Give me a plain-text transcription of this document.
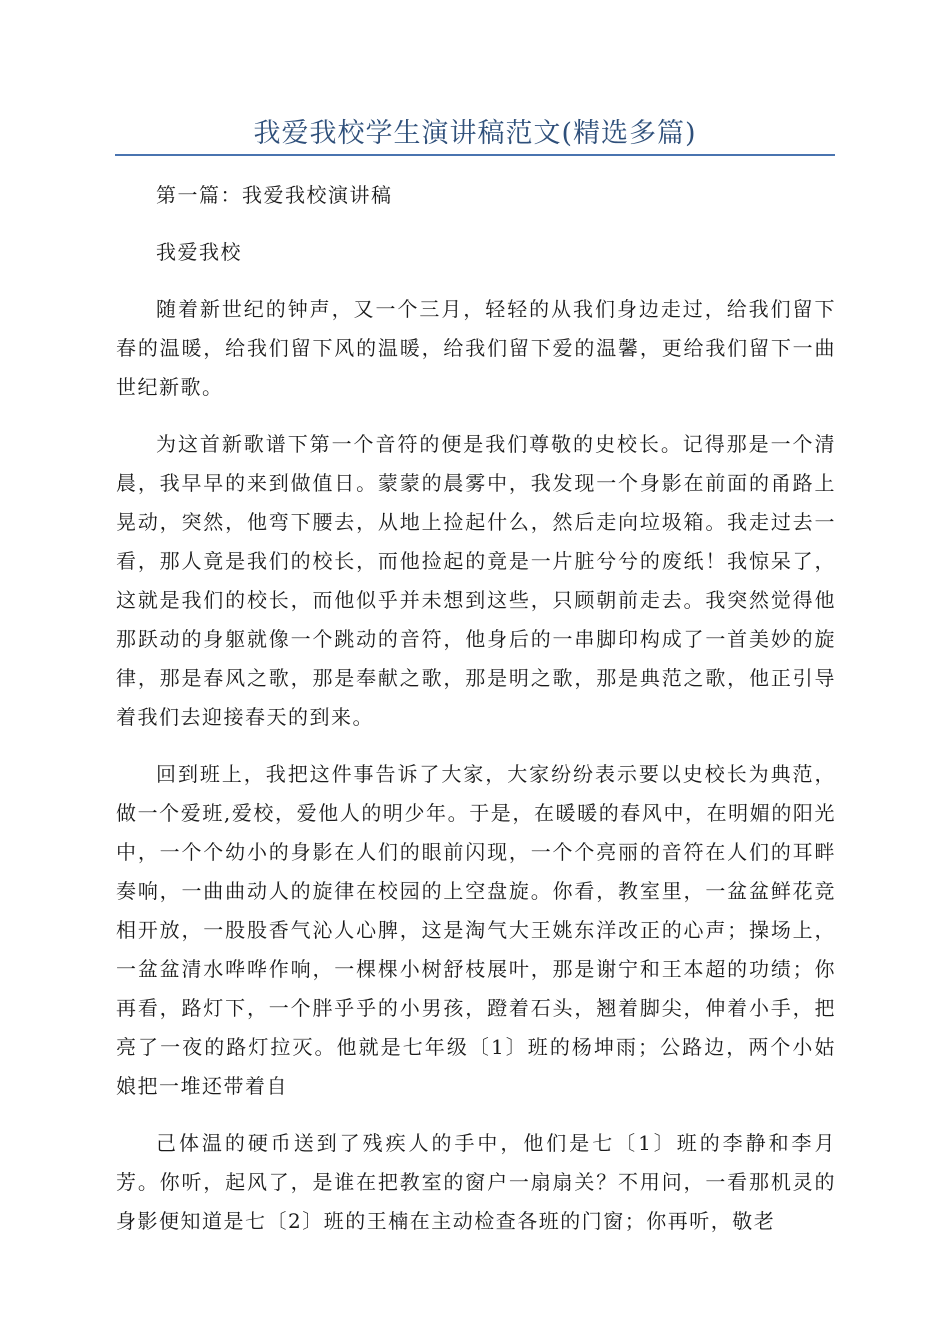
我爱我校学生演讲稿范文(精选多篇)

第一篇：我爱我校演讲稿

我爱我校

随着新世纪的钟声，又一个三月，轻轻的从我们身边走过，给我们留下春的温暖，给我们留下风的温暖，给我们留下爱的温馨，更给我们留下一曲世纪新歌。

为这首新歌谱下第一个音符的便是我们尊敬的史校长。记得那是一个清晨，我早早的来到做值日。蒙蒙的晨雾中，我发现一个身影在前面的甬路上晃动，突然，他弯下腰去，从地上捡起什么，然后走向垃圾箱。我走过去一看，那人竟是我们的校长，而他捡起的竟是一片脏兮兮的废纸！我惊呆了，这就是我们的校长，而他似乎并未想到这些，只顾朝前走去。我突然觉得他那跃动的身躯就像一个跳动的音符，他身后的一串脚印构成了一首美妙的旋律，那是春风之歌，那是奉献之歌，那是明之歌，那是典范之歌，他正引导着我们去迎接春天的到来。

回到班上，我把这件事告诉了大家，大家纷纷表示要以史校长为典范，做一个爱班,爱校，爱他人的明少年。于是，在暖暖的春风中，在明媚的阳光中，一个个幼小的身影在人们的眼前闪现，一个个亮丽的音符在人们的耳畔奏响，一曲曲动人的旋律在校园的上空盘旋。你看，教室里，一盆盆鲜花竞相开放，一股股香气沁人心脾，这是淘气大王姚东洋改正的心声；操场上，一盆盆清水哗哗作响，一棵棵小树舒枝展叶，那是谢宁和王本超的功绩；你再看，路灯下，一个胖乎乎的小男孩，蹬着石头，翘着脚尖，伸着小手，把亮了一夜的路灯拉灭。他就是七年级〔1〕班的杨坤雨；公路边，两个小姑娘把一堆还带着自

己体温的硬币送到了残疾人的手中，他们是七〔1〕班的李静和李月芳。你听，起风了，是谁在把教室的窗户一扇扇关？不用问，一看那机灵的身影便知道是七〔2〕班的王楠在主动检查各班的门窗；你再听，敬老
